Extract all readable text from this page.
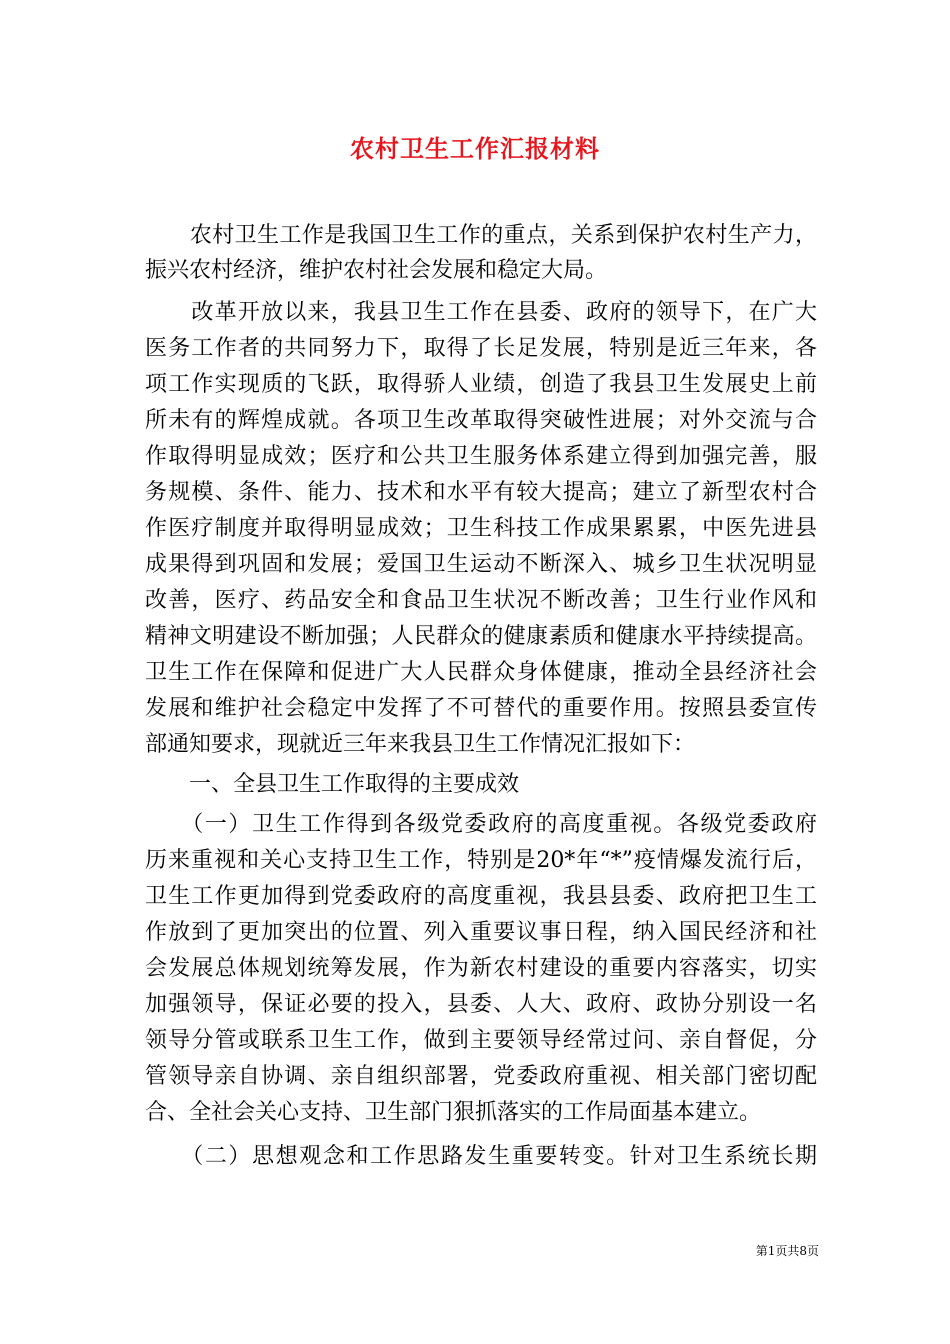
农村卫生工作汇报材料
　　农村卫生工作是我国卫生工作的重点，关系到保护农村生产力，
振兴农村经济，维护农村社会发展和稳定大局。
　　改革开放以来，我县卫生工作在县委、政府的领导下，在广大
医务工作者的共同努力下，取得了长足发展，特别是近三年来，各
项工作实现质的飞跃，取得骄人业绩，创造了我县卫生发展史上前
所未有的辉煌成就。各项卫生改革取得突破性进展；对外交流与合
作取得明显成效；医疗和公共卫生服务体系建立得到加强完善，服
务规模、条件、能力、技术和水平有较大提高；建立了新型农村合
作医疗制度并取得明显成效；卫生科技工作成果累累，中医先进县
成果得到巩固和发展；爱国卫生运动不断深入、城乡卫生状况明显
改善，医疗、药品安全和食品卫生状况不断改善；卫生行业作风和
精神文明建设不断加强；人民群众的健康素质和健康水平持续提高。
卫生工作在保障和促进广大人民群众身体健康，推动全县经济社会
发展和维护社会稳定中发挥了不可替代的重要作用。按照县委宣传
部通知要求，现就近三年来我县卫生工作情况汇报如下：
　　一、全县卫生工作取得的主要成效
　　（一）卫生工作得到各级党委政府的高度重视。各级党委政府
历来重视和关心支持卫生工作，特别是20*年“*”疫情爆发流行后，
卫生工作更加得到党委政府的高度重视，我县县委、政府把卫生工
作放到了更加突出的位置、列入重要议事日程，纳入国民经济和社
会发展总体规划统筹发展，作为新农村建设的重要内容落实，切实
加强领导，保证必要的投入，县委、人大、政府、政协分别设一名
领导分管或联系卫生工作，做到主要领导经常过问、亲自督促，分
管领导亲自协调、亲自组织部署，党委政府重视、相关部门密切配
合、全社会关心支持、卫生部门狠抓落实的工作局面基本建立。
　　（二）思想观念和工作思路发生重要转变。针对卫生系统长期
第1页共8页
